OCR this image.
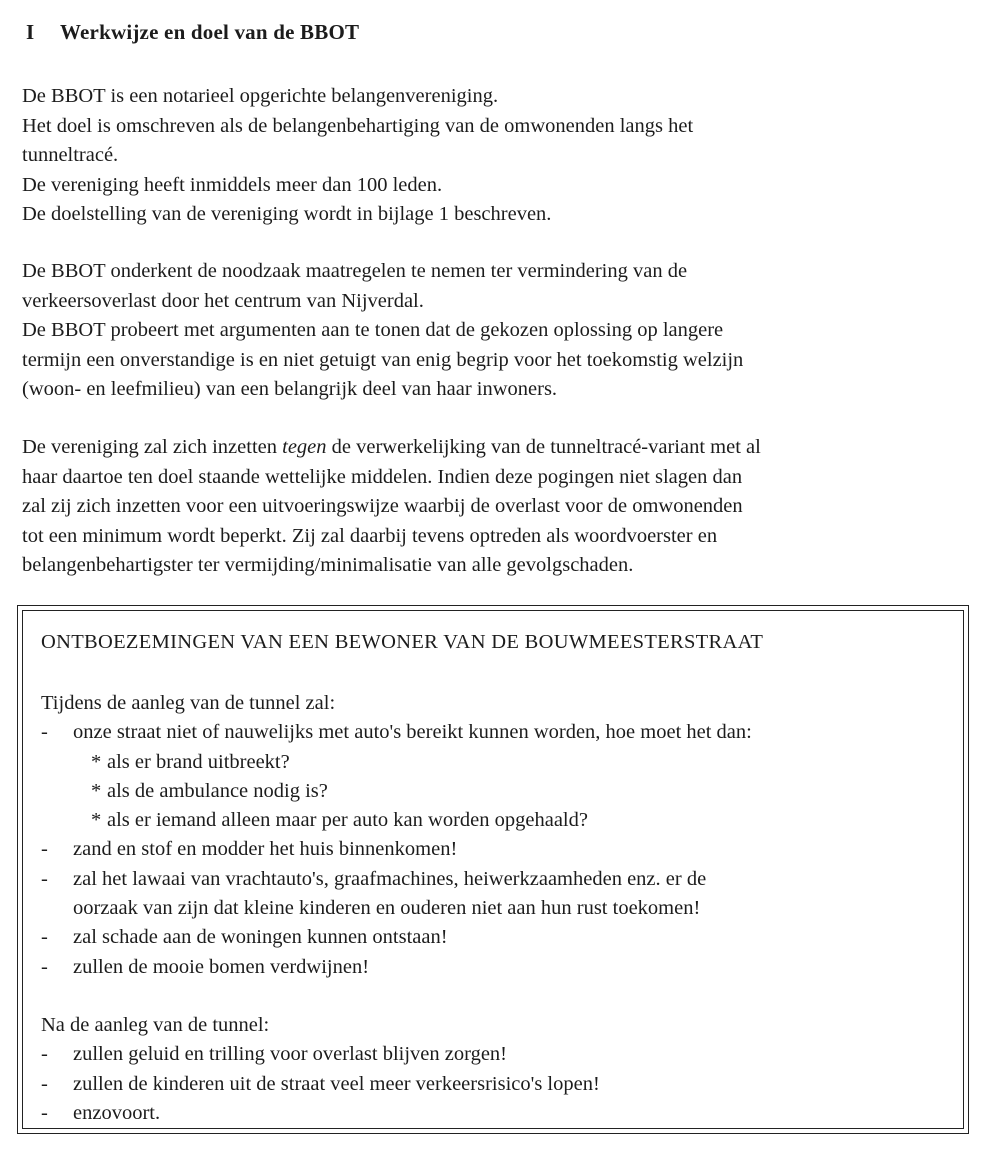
I Werkwijze en doel van de BBOT
De BBOT is een notarieel opgerichte belangenvereniging.
Het doel is omschreven als de belangenbehartiging van de omwonenden langs het
tunneltracé.
De vereniging heeft inmiddels meer dan 100 leden.
De doelstelling van de vereniging wordt in bijlage 1 beschreven.
De BBOT onderkent de noodzaak maatregelen te nemen ter vermindering van de
verkeersoverlast door het centrum van Nijverdal.
De BBOT probeert met argumenten aan te tonen dat de gekozen oplossing op langere
termijn een onverstandige is en niet getuigt van enig begrip voor het toekomstig welzijn
(woon- en leefmilieu) van een belangrijk deel van haar inwoners.
De vereniging zal zich inzetten tegen de verwerkelijking van de tunneltracé-variant met al
haar daartoe ten doel staande wettelijke middelen. Indien deze pogingen niet slagen dan
zal zij zich inzetten voor een uitvoeringswijze waarbij de overlast voor de omwonenden
tot een minimum wordt beperkt. Zij zal daarbij tevens optreden als woordvoerster en
belangenbehartigster ter vermijding/minimalisatie van alle gevolgschaden.
ONTBOEZEMINGEN VAN EEN BEWONER VAN DE BOUWMEESTERSTRAAT
Tijdens de aanleg van de tunnel zal:
- onze straat niet of nauwelijks met auto's bereikt kunnen worden, hoe moet het dan:
* als er brand uitbreekt?
* als de ambulance nodig is?
* als er iemand alleen maar per auto kan worden opgehaald?
- zand en stof en modder het huis binnenkomen!
- zal het lawaai van vrachtauto's, graafmachines, heiwerkzaamheden enz. er de
oorzaak van zijn dat kleine kinderen en ouderen niet aan hun rust toekomen!
- zal schade aan de woningen kunnen ontstaan!
- zullen de mooie bomen verdwijnen!
Na de aanleg van de tunnel:
- zullen geluid en trilling voor overlast blijven zorgen!
- zullen de kinderen uit de straat veel meer verkeersrisico's lopen!
- enzovoort.
